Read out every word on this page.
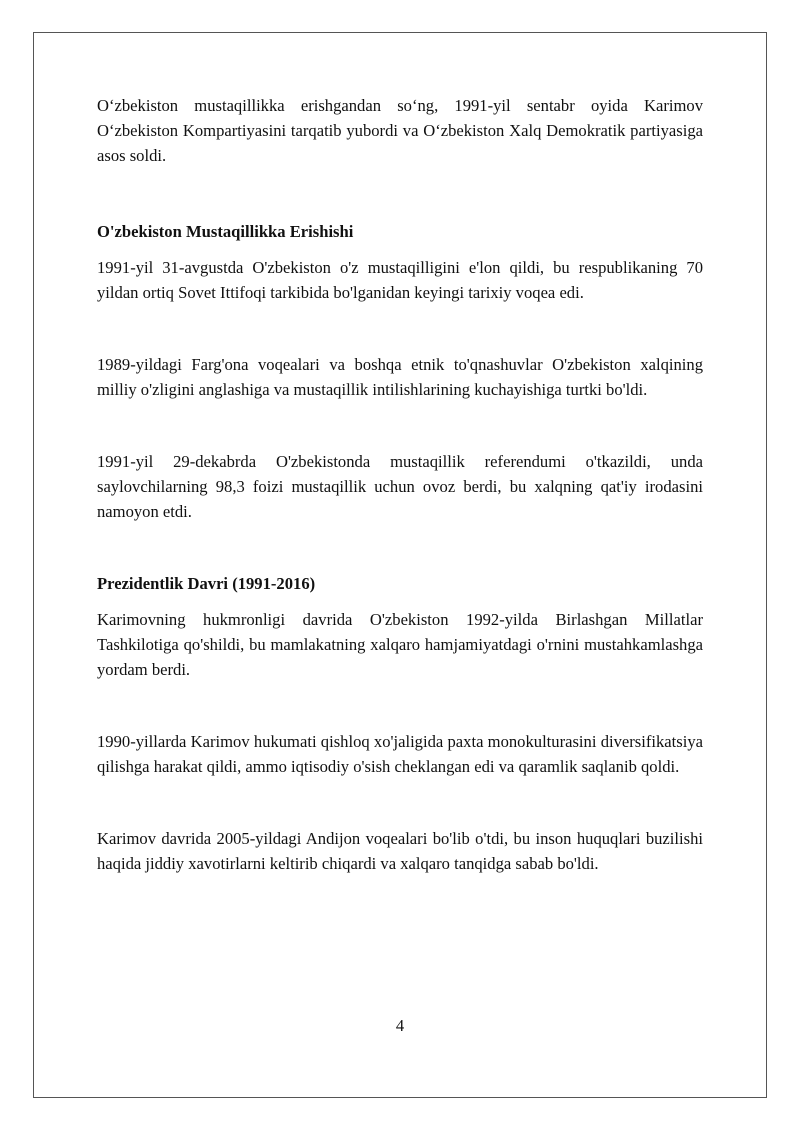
O‘zbekiston mustaqillikka erishgandan so‘ng, 1991-yil sentabr oyida Karimov O‘zbekiston Kompartiyasini tarqatib yubordi va O‘zbekiston Xalq Demokratik partiyasiga asos soldi.

O'zbekiston Mustaqillikka Erishishi

1991-yil 31-avgustda O'zbekiston o'z mustaqilligini e'lon qildi, bu respublikaning 70 yildan ortiq Sovet Ittifoqi tarkibida bo'lganidan keyingi tarixiy voqea edi.

1989-yildagi Farg'ona voqealari va boshqa etnik to'qnashuvlar O'zbekiston xalqining milliy o'zligini anglashiga va mustaqillik intilishlarining kuchayishiga turtki bo'ldi.

1991-yil 29-dekabrda O'zbekistonda mustaqillik referendumi o'tkazildi, unda saylovchilarning 98,3 foizi mustaqillik uchun ovoz berdi, bu xalqning qat'iy irodasini namoyon etdi.

Prezidentlik Davri (1991-2016)

Karimovning hukmronligi davrida O'zbekiston 1992-yilda Birlashgan Millatlar Tashkilotiga qo'shildi, bu mamlakatning xalqaro hamjamiyatdagi o'rnini mustahkamlashga yordam berdi.

1990-yillarda Karimov hukumati qishloq xo'jaligida paxta monokulturasini diversifikatsiya qilishga harakat qildi, ammo iqtisodiy o'sish cheklangan edi va qaramlik saqlanib qoldi.

Karimov davrida 2005-yildagi Andijon voqealari bo'lib o'tdi, bu inson huquqlari buzilishi haqida jiddiy xavotirlarni keltirib chiqardi va xalqaro tanqidga sabab bo'ldi.

4
